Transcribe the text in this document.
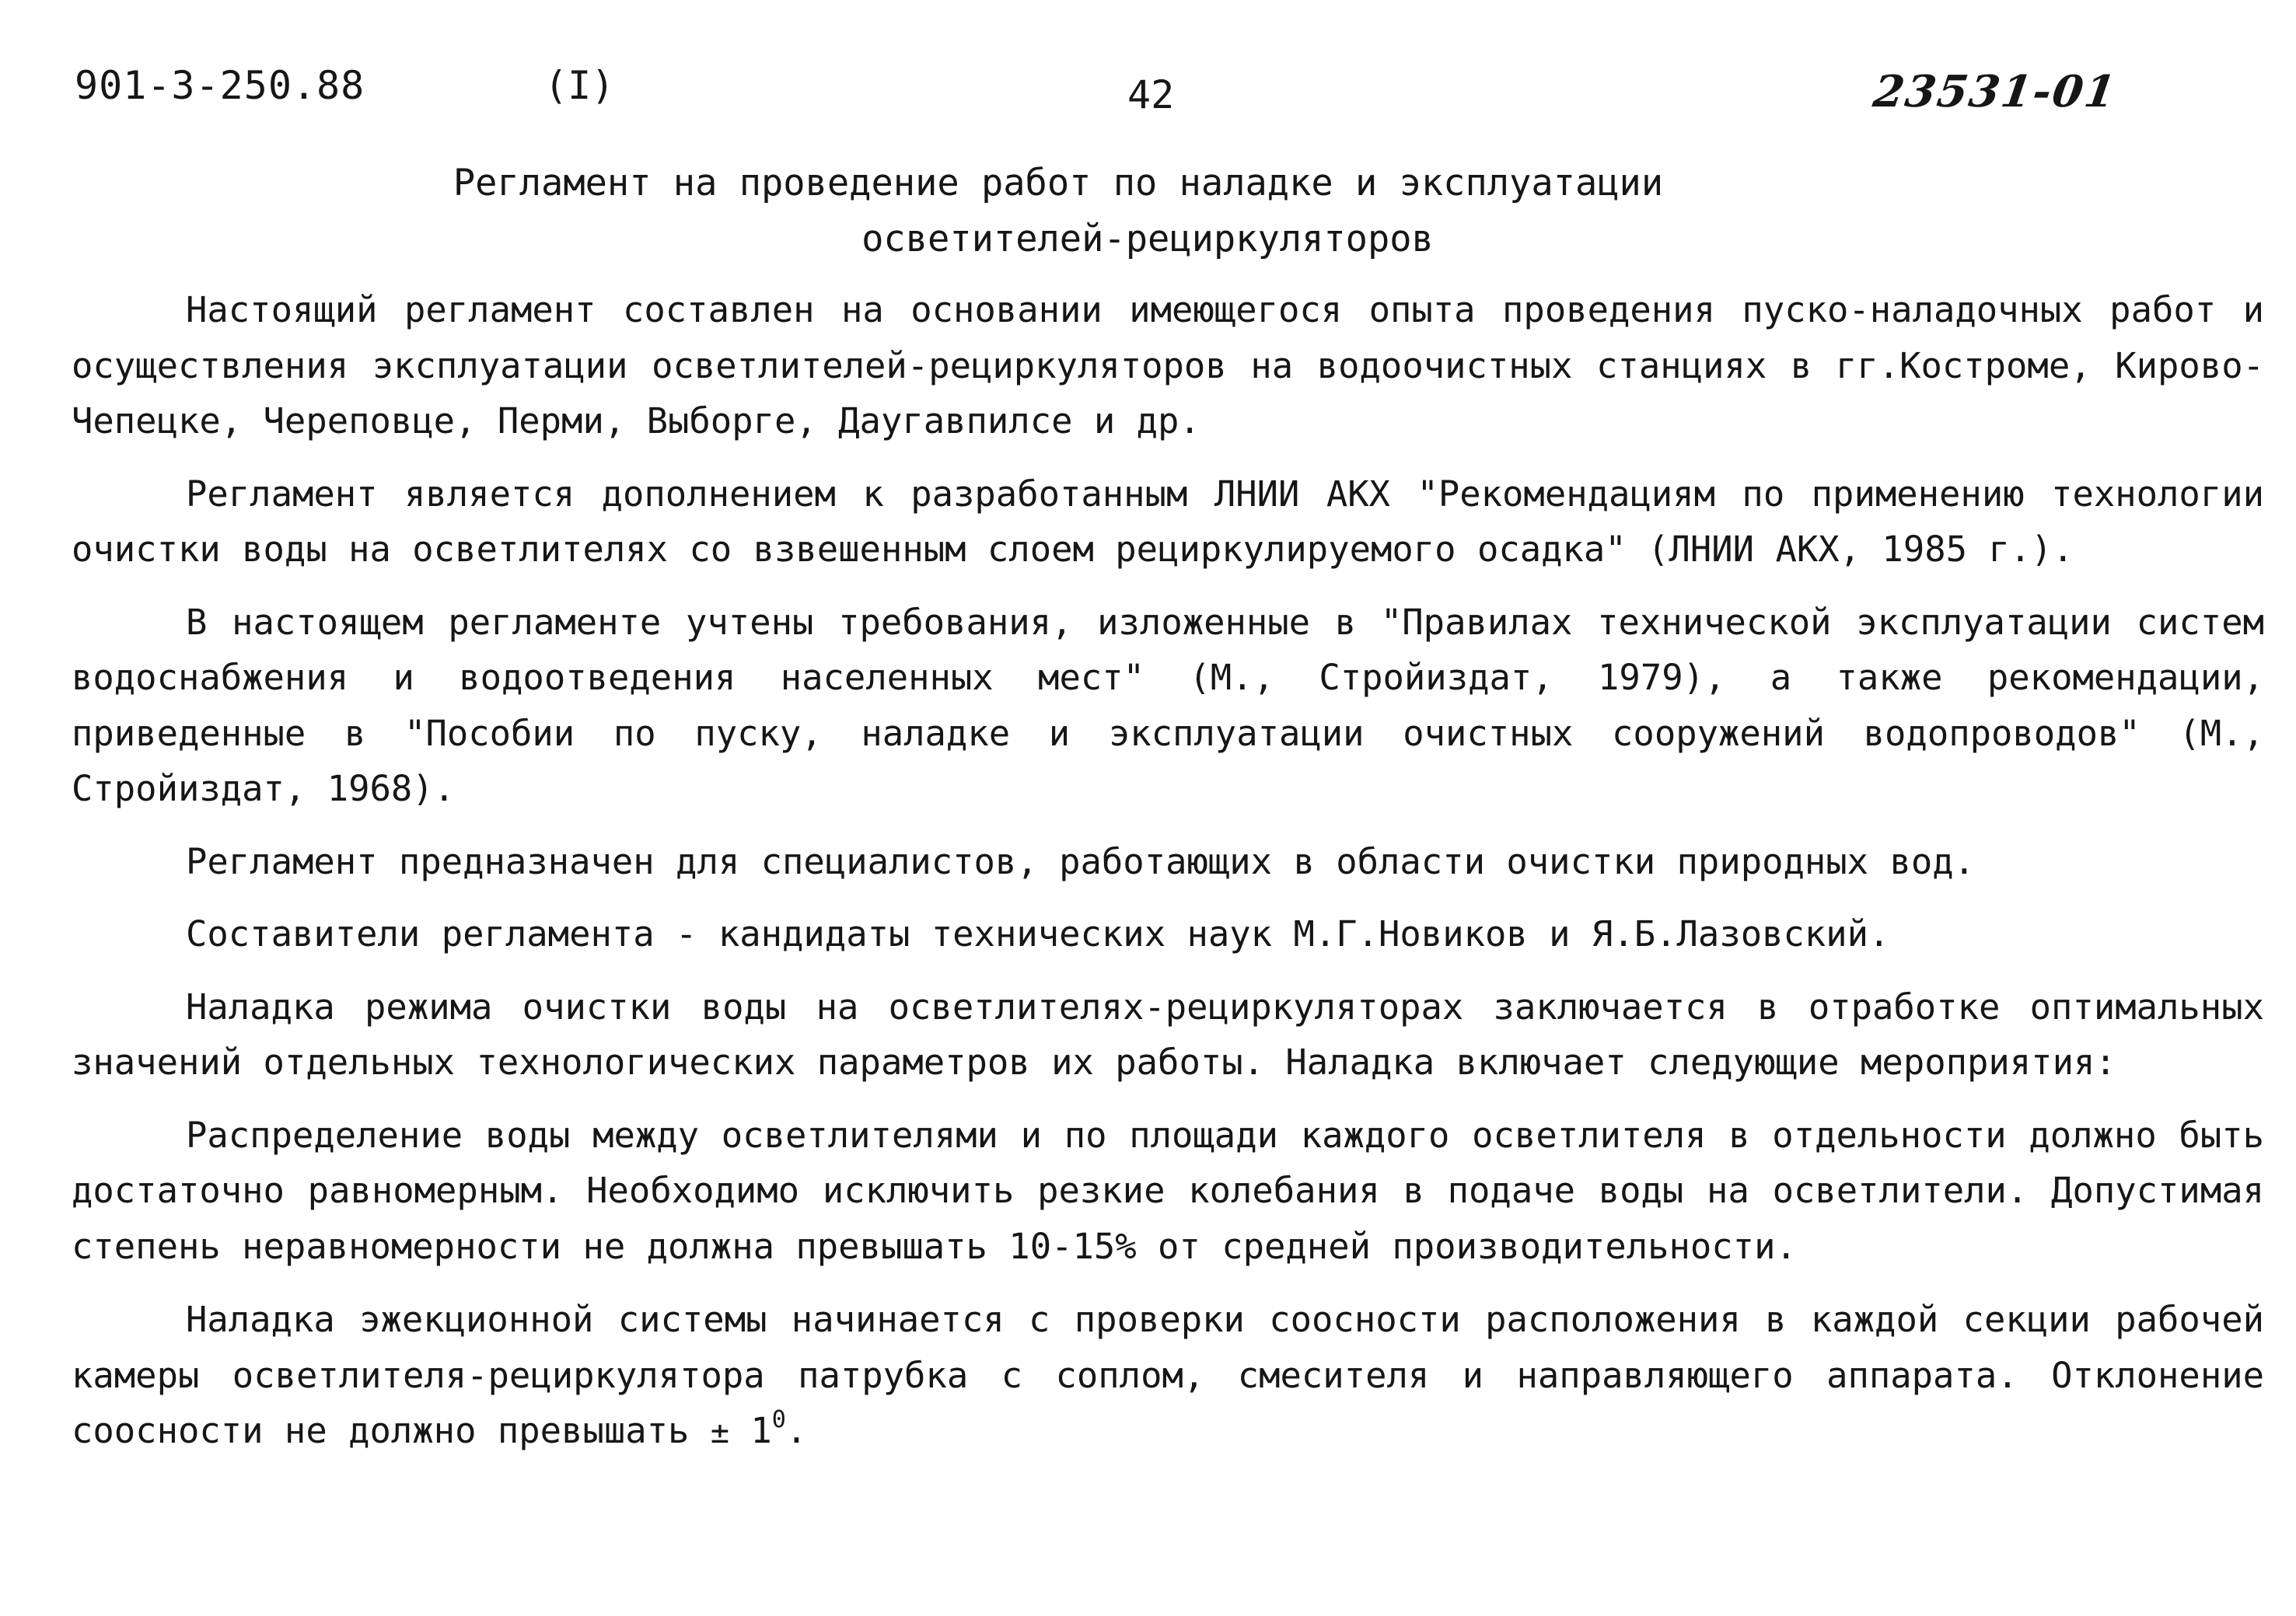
901-3-250.88	(I)	42	23531-01
Регламент на проведение работ по наладке и эксплуатации
осветителей-рециркуляторов

Настоящий регламент составлен на основании имеющегося опыта проведения пуско-наладочных работ и осуществления эксплуатации осветлителей-рециркуляторов на водоочистных станциях в гг.Костроме, Кирово-Чепецке, Череповце, Перми, Выборге, Даугавпилсе и др.

Регламент является дополнением к разработанным ЛНИИ АКХ "Рекомендациям по применению технологии очистки воды на осветлителях со взвешенным слоем рециркулируемого осадка" (ЛНИИ АКХ, 1985 г.).

В настоящем регламенте учтены требования, изложенные в "Правилах технической эксплуатации систем водоснабжения и водоотведения населенных мест" (М., Стройиздат, 1979), а также рекомендации, приведенные в "Пособии по пуску, наладке и эксплуатации очистных сооружений водопроводов" (М., Стройиздат, 1968).

Регламент предназначен для специалистов, работающих в области очистки природных вод.

Составители регламента - кандидаты технических наук М.Г.Новиков и Я.Б.Лазовский.

Наладка режима очистки воды на осветлителях-рециркуляторах заключается в отработке оптимальных значений отдельных технологических параметров их работы. Наладка включает следующие мероприятия:

Распределение воды между осветлителями и по площади каждого осветлителя в отдельности должно быть достаточно равномерным. Необходимо исключить резкие колебания в подаче воды на осветлители. Допустимая степень неравномерности не должна превышать 10-15% от средней производительности.

Наладка эжекционной системы начинается с проверки соосности расположения в каждой секции рабочей камеры осветлителя-рециркулятора патрубка с соплом, смесителя и направляющего аппарата. Отклонение соосности не должно превышать ± $1^0$.
